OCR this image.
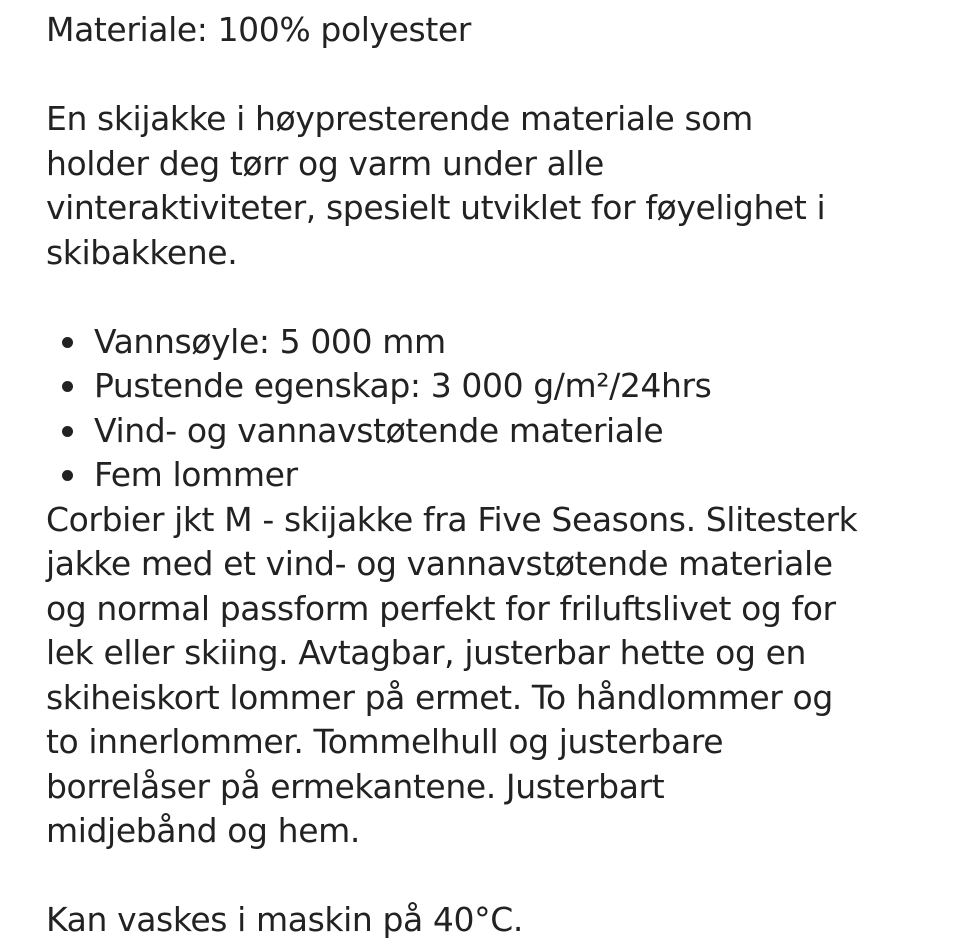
Materiale: 100% polyester

En skijakke i høypresterende materiale som
holder deg tørr og varm under alle
vinteraktiviteter, spesielt utviklet for føyelighet i
skibakkene.
Vannsøyle: 5 000 mm
Pustende egenskap: 3 000 g/m²/24hrs
Vind- og vannavstøtende materiale
Fem lommer
Corbier jkt M - skijakke fra Five Seasons. Slitesterk
jakke med et vind- og vannavstøtende materiale
og normal passform perfekt for friluftslivet og for
lek eller skiing. Avtagbar, justerbar hette og en
skiheiskort lommer på ermet. To håndlommer og
to innerlommer. Tommelhull og justerbare
borrelåser på ermekantene. Justerbart
midjebånd og hem.

Kan vaskes i maskin på 40°C.
